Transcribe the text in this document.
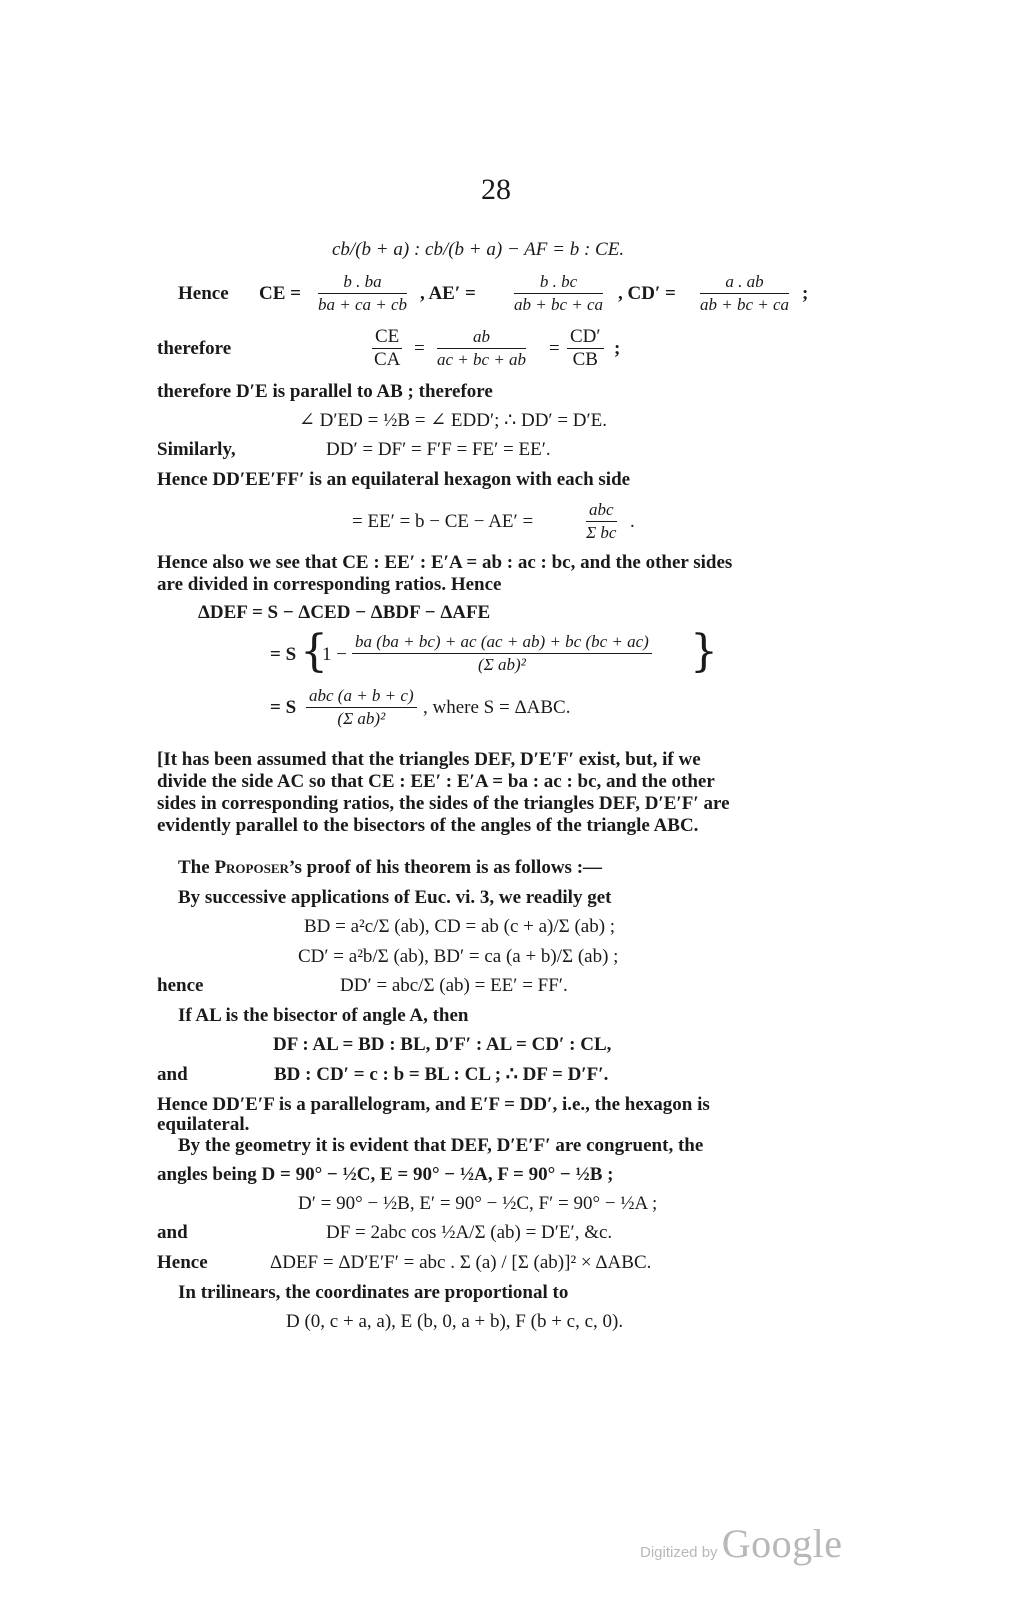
28
cb/(b + a) : cb/(b + a) − AF = b : CE.
Hence CE = $\frac{b . ba}{ba + ca + cb}$ , $AE' = \frac{b . bc}{ab + bc + ca}$ , $CD' = \frac{a . ab}{ab + bc + ca}$ ;
therefore	$\frac{CE}{CA} = \frac{ab}{ac + bc + ab} = \frac{CD'}{CB}$ ;
therefore D′E is parallel to AB ; therefore
∠ D′ED = ½B = ∠ EDD′; ∴ DD′ = D′E.
Similarly,	DD′ = DF′ = F′F = FE′ = EE′.
Hence DD′EE′FF′ is an equilateral hexagon with each side
= EE′ = b − CE − AE′ =
abc
Σ bc
.
Hence also we see that CE : EE′ : E′A = ab : ac : bc, and the other sides
are divided in corresponding ratios. Hence
ΔDEF = S − ΔCED − ΔBDF − ΔAFE
= S {
$1 - \frac{ba (ba + bc) + ac (ac + ab) + bc (bc + ac)}{\text{(Σ ab)²}}$ }
= S
abc (a + b + c)
(Σ ab)²
, where S = ΔABC.
[It has been assumed that the triangles DEF, D′E′F′ exist, but, if we
divide the side AC so that CE : EE′ : E′A = ba : ac : bc, and the other
sides in corresponding ratios, the sides of the triangles DEF, D′E′F′ are
evidently parallel to the bisectors of the angles of the triangle ABC.
The Proposer’s proof of his theorem is as follows :—
By successive applications of Euc. vi. 3, we readily get
BD = a²c/Σ (ab), CD = ab (c + a)/Σ (ab) ;
CD′ = a²b/Σ (ab), BD′ = ca (a + b)/Σ (ab) ;
hence	DD′ = abc/Σ (ab) = EE′ = FF′.
If AL is the bisector of angle A, then
DF : AL = BD : BL, D′F′ : AL = CD′ : CL,
and	BD : CD′ = c : b = BL : CL ; ∴ DF = D′F′.
Hence DD′E′F is a parallelogram, and E′F = DD′, i.e., the hexagon is
equilateral.
By the geometry it is evident that DEF, D′E′F′ are congruent, the
angles being D = 90° − ½C, E = 90° − ½A, F = 90° − ½B ;
D′ = 90° − ½B, E′ = 90° − ½C, F′ = 90° − ½A ;
and	DF = 2abc cos ½A/Σ (ab) = D′E′, &c.
Hence	ΔDEF = ΔD′E′F′ = abc . Σ (a) / [Σ (ab)]² × ΔABC.
In trilinears, the coordinates are proportional to
D (0, c + a, a), E (b, 0, a + b), F (b + c, c, 0).
Digitized by Google
